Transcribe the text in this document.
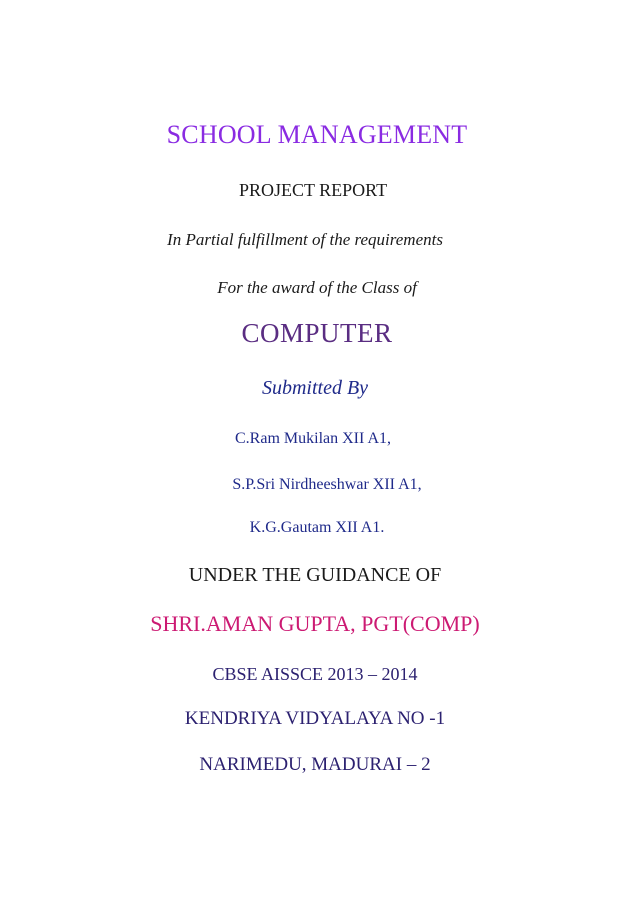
SCHOOL MANAGEMENT
PROJECT REPORT
In Partial fulfillment of the requirements
For the award of the Class of
COMPUTER
Submitted By
C.Ram Mukilan XII A1,
S.P.Sri Nirdheeshwar XII A1,
K.G.Gautam XII A1.
UNDER THE GUIDANCE OF
SHRI.AMAN GUPTA, PGT(COMP)
CBSE AISSCE 2013 – 2014
KENDRIYA VIDYALAYA NO -1
NARIMEDU, MADURAI – 2
